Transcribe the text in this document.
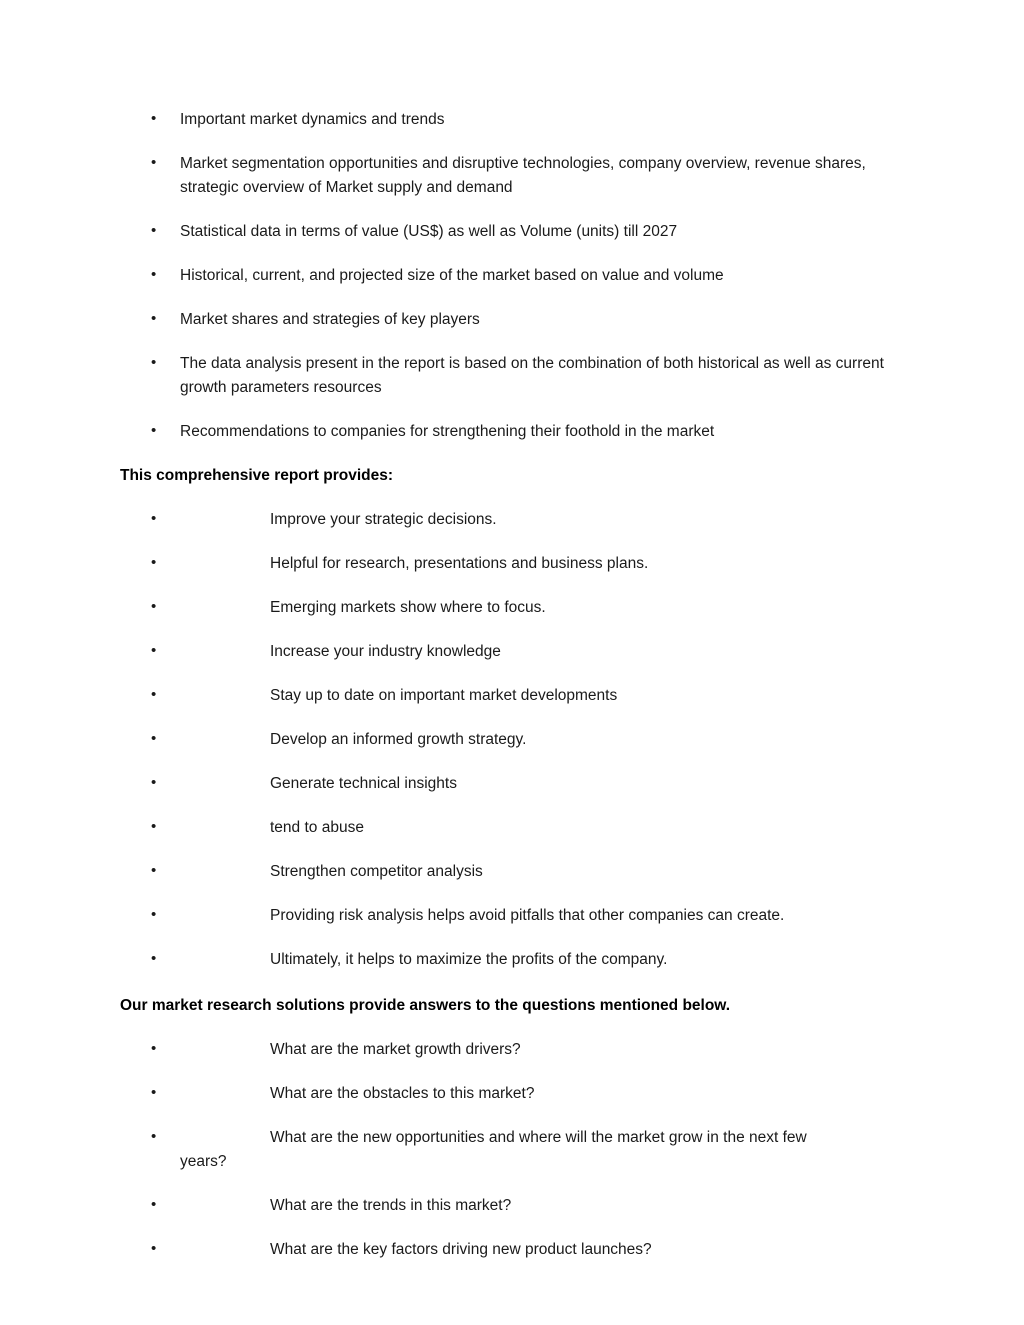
• Important market dynamics and trends
• Market segmentation opportunities and disruptive technologies, company overview, revenue shares, strategic overview of Market supply and demand
• Statistical data in terms of value (US$) as well as Volume (units) till 2027
• Historical, current, and projected size of the market based on value and volume
• Market shares and strategies of key players
• The data analysis present in the report is based on the combination of both historical as well as current growth parameters resources
• Recommendations to companies for strengthening their foothold in the market

This comprehensive report provides:

• Improve your strategic decisions.
• Helpful for research, presentations and business plans.
• Emerging markets show where to focus.
• Increase your industry knowledge
• Stay up to date on important market developments
• Develop an informed growth strategy.
• Generate technical insights
• tend to abuse
• Strengthen competitor analysis
• Providing risk analysis helps avoid pitfalls that other companies can create.
• Ultimately, it helps to maximize the profits of the company.

Our market research solutions provide answers to the questions mentioned below.

• What are the market growth drivers?
• What are the obstacles to this market?
• What are the new opportunities and where will the market grow in the next few
years?
• What are the trends in this market?
• What are the key factors driving new product launches?
